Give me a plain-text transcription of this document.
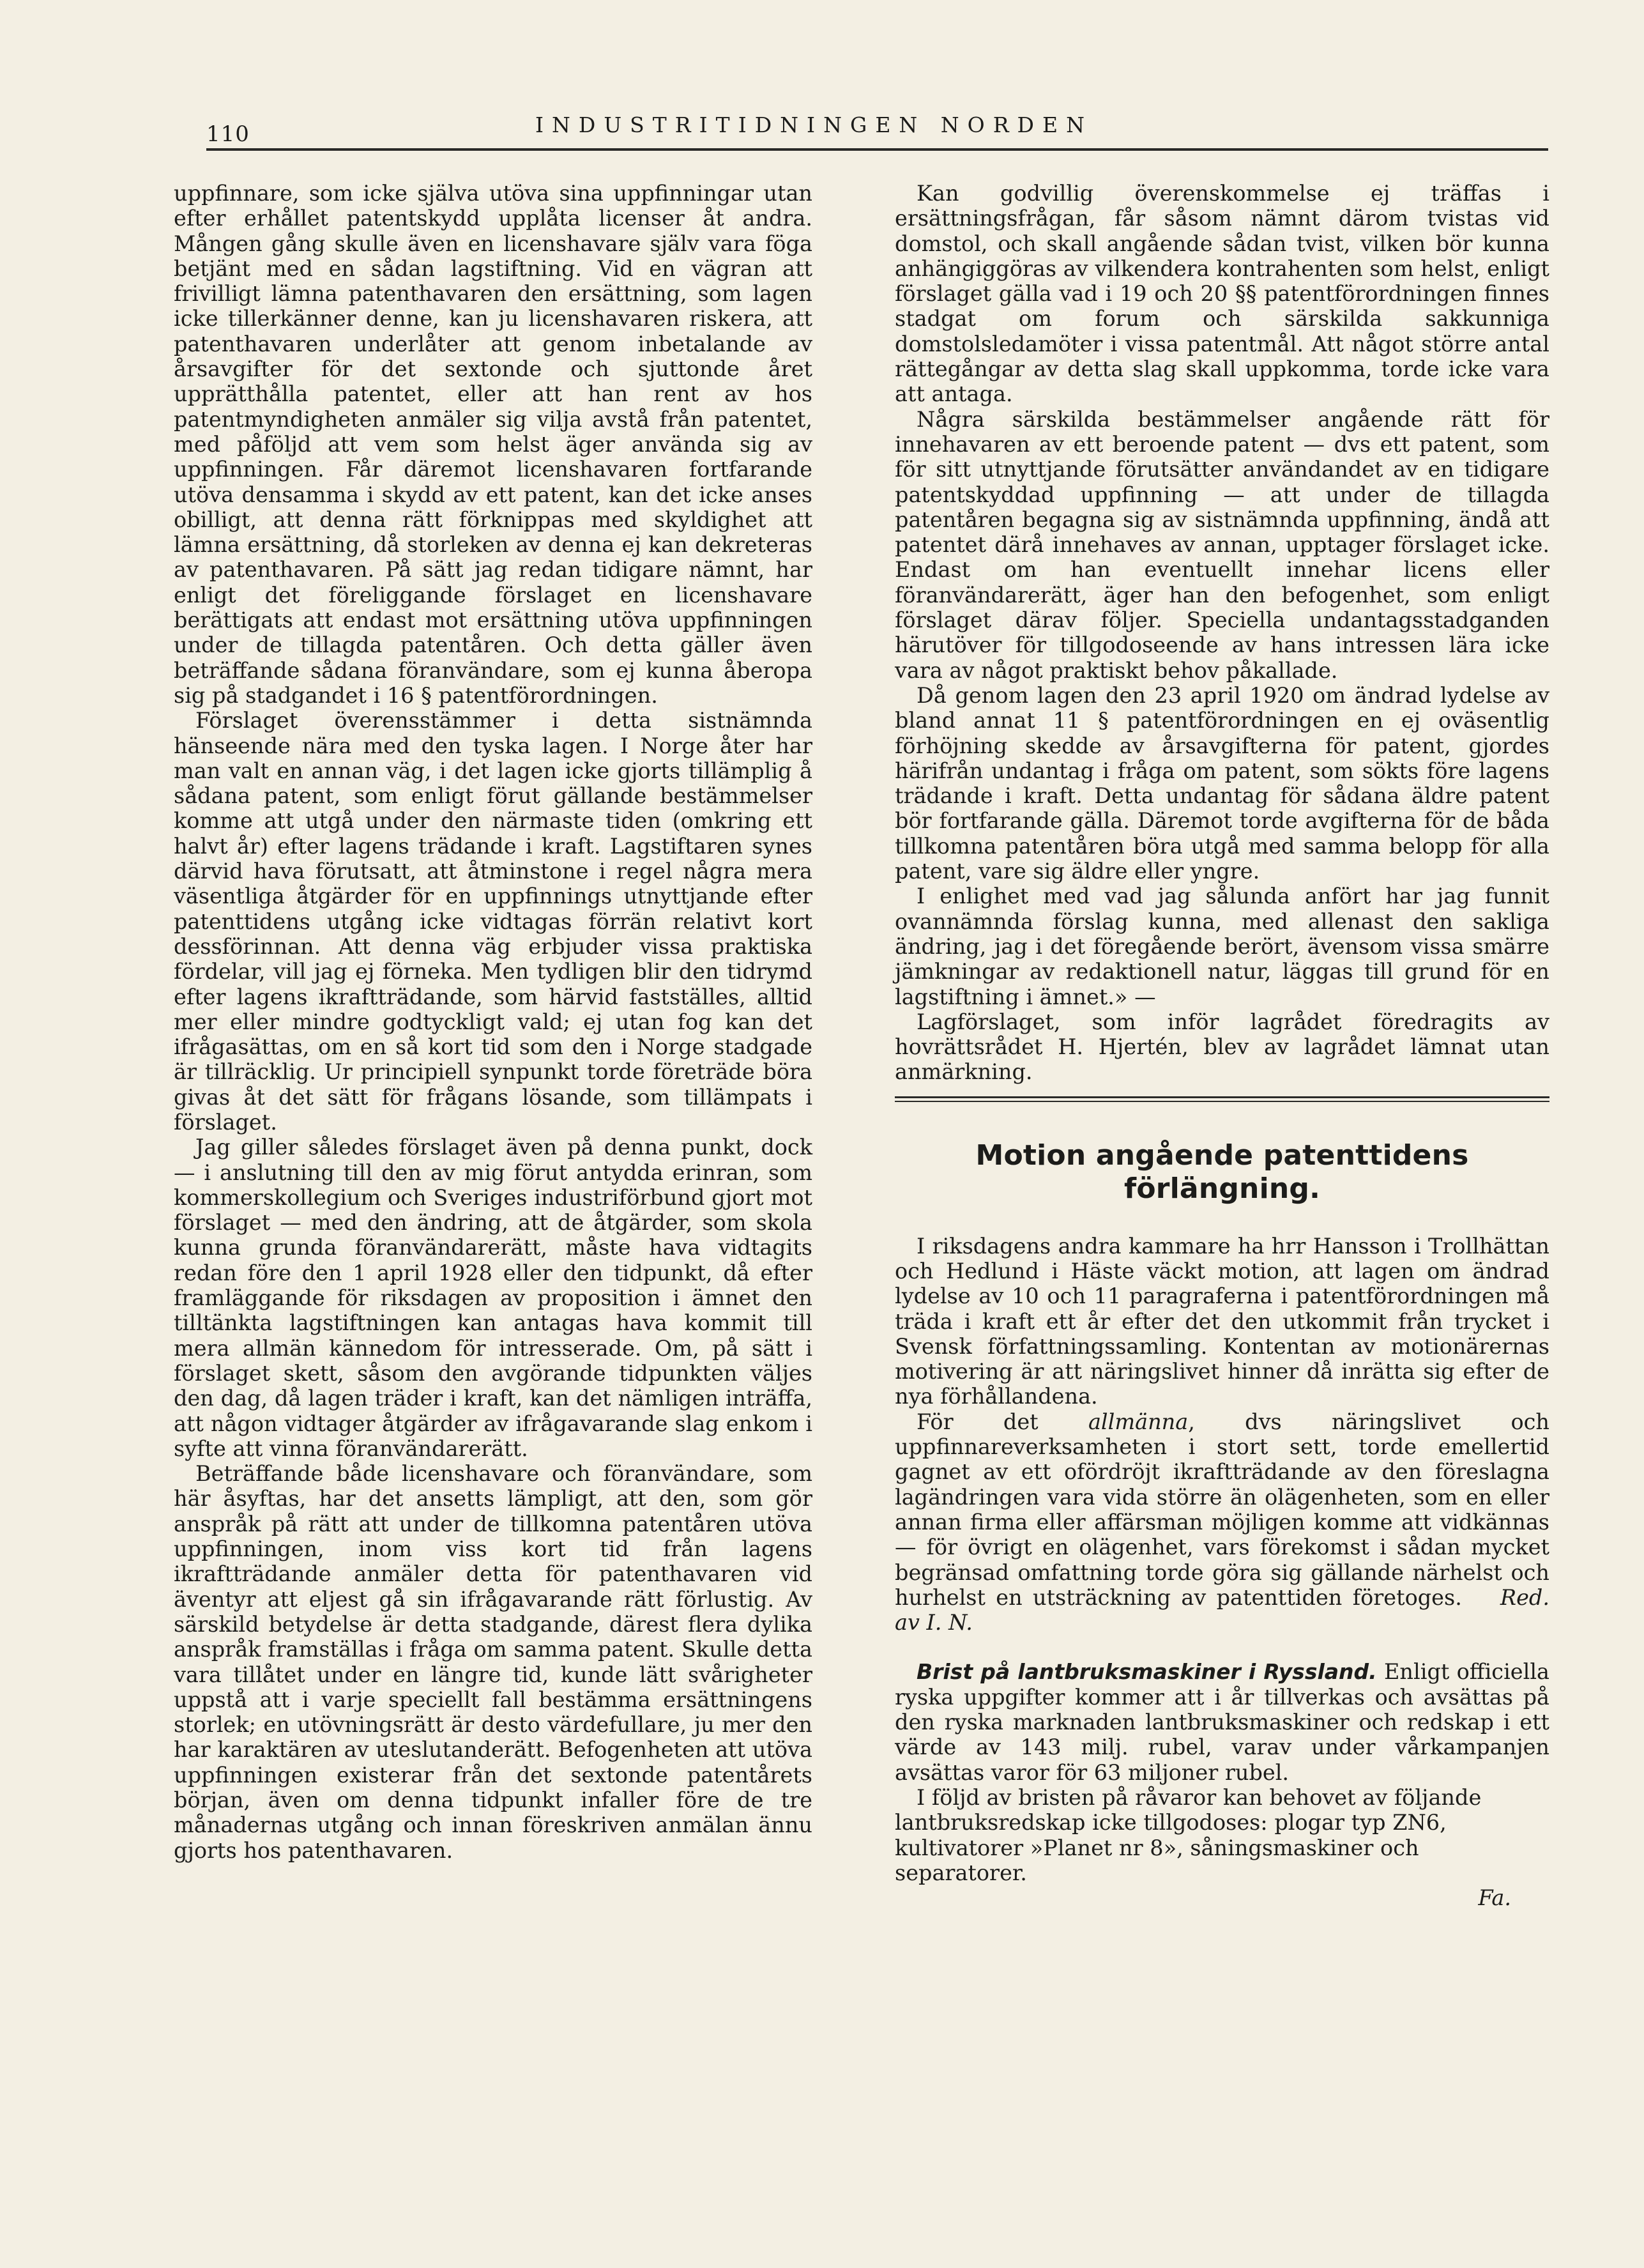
110	INDUSTRITIDNINGEN NORDEN

uppfinnare, som icke själva utöva sina uppfinningar utan efter erhållet patentskydd upplåta licenser åt andra. Mången gång skulle även en licenshavare själv vara föga betjänt med en sådan lagstiftning. Vid en vägran att frivilligt lämna patenthavaren den ersättning, som lagen icke tillerkänner denne, kan ju licenshavaren riskera, att patenthavaren underlåter att genom inbetalande av årsavgifter för det sextonde och sjuttonde året upprätthålla patentet, eller att han rent av hos patentmyndigheten anmäler sig vilja avstå från patentet, med påföljd att vem som helst äger använda sig av uppfinningen. Får däremot licenshavaren fortfarande utöva densamma i skydd av ett patent, kan det icke anses obilligt, att denna rätt förknippas med skyldighet att lämna ersättning, då storleken av denna ej kan dekreteras av patenthavaren. På sätt jag redan tidigare nämnt, har enligt det föreliggande förslaget en licenshavare berättigats att endast mot ersättning utöva uppfinningen under de tillagda patentåren. Och detta gäller även beträffande sådana föranvändare, som ej kunna åberopa sig på stadgandet i 16 § patentförordningen.

Förslaget överensstämmer i detta sistnämnda hänseende nära med den tyska lagen. I Norge åter har man valt en annan väg, i det lagen icke gjorts tillämplig å sådana patent, som enligt förut gällande bestämmelser komme att utgå under den närmaste tiden (omkring ett halvt år) efter lagens trädande i kraft. Lagstiftaren synes därvid hava förutsatt, att åtminstone i regel några mera väsentliga åtgärder för en uppfinnings utnyttjande efter patenttidens utgång icke vidtagas förrän relativt kort dessförinnan. Att denna väg erbjuder vissa praktiska fördelar, vill jag ej förneka. Men tydligen blir den tidrymd efter lagens ikraftträdande, som härvid fastställes, alltid mer eller mindre godtyckligt vald; ej utan fog kan det ifrågasättas, om en så kort tid som den i Norge stadgade är tillräcklig. Ur principiell synpunkt torde företräde böra givas åt det sätt för frågans lösande, som tillämpats i förslaget.

Jag giller således förslaget även på denna punkt, dock — i anslutning till den av mig förut antydda erinran, som kommerskollegium och Sveriges industriförbund gjort mot förslaget — med den ändring, att de åtgärder, som skola kunna grunda föranvändarerätt, måste hava vidtagits redan före den 1 april 1928 eller den tidpunkt, då efter framläggande för riksdagen av proposition i ämnet den tilltänkta lagstiftningen kan antagas hava kommit till mera allmän kännedom för intresserade. Om, på sätt i förslaget skett, såsom den avgörande tidpunkten väljes den dag, då lagen träder i kraft, kan det nämligen inträffa, att någon vidtager åtgärder av ifrågavarande slag enkom i syfte att vinna föranvändarerätt.

Beträffande både licenshavare och föranvändare, som här åsyftas, har det ansetts lämpligt, att den, som gör anspråk på rätt att under de tillkomna patentåren utöva uppfinningen, inom viss kort tid från lagens ikraftträdande anmäler detta för patenthavaren vid äventyr att eljest gå sin ifrågavarande rätt förlustig. Av särskild betydelse är detta stadgande, därest flera dylika anspråk framställas i fråga om samma patent. Skulle detta vara tillåtet under en längre tid, kunde lätt svårigheter uppstå att i varje speciellt fall bestämma ersättningens storlek; en utövningsrätt är desto värdefullare, ju mer den har karaktären av uteslutanderätt. Befogenheten att utöva uppfinningen existerar från det sextonde patentårets början, även om denna tidpunkt infaller före de tre månadernas utgång och innan föreskriven anmälan ännu gjorts hos patenthavaren.

Kan godvillig överenskommelse ej träffas i ersättningsfrågan, får såsom nämnt därom tvistas vid domstol, och skall angående sådan tvist, vilken bör kunna anhängiggöras av vilkendera kontrahenten som helst, enligt förslaget gälla vad i 19 och 20 §§ patentförordningen finnes stadgat om forum och särskilda sakkunniga domstolsledamöter i vissa patentmål. Att något större antal rättegångar av detta slag skall uppkomma, torde icke vara att antaga.

Några särskilda bestämmelser angående rätt för innehavaren av ett beroende patent — dvs ett patent, som för sitt utnyttjande förutsätter användandet av en tidigare patentskyddad uppfinning — att under de tillagda patentåren begagna sig av sistnämnda uppfinning, ändå att patentet därå innehaves av annan, upptager förslaget icke. Endast om han eventuellt innehar licens eller föranvändarerätt, äger han den befogenhet, som enligt förslaget därav följer. Speciella undantagsstadganden härutöver för tillgodoseende av hans intressen lära icke vara av något praktiskt behov påkallade.

Då genom lagen den 23 april 1920 om ändrad lydelse av bland annat 11 § patentförordningen en ej oväsentlig förhöjning skedde av årsavgifterna för patent, gjordes härifrån undantag i fråga om patent, som sökts före lagens trädande i kraft. Detta undantag för sådana äldre patent bör fortfarande gälla. Däremot torde avgifterna för de båda tillkomna patentåren böra utgå med samma belopp för alla patent, vare sig äldre eller yngre.

I enlighet med vad jag sålunda anfört har jag funnit ovannämnda förslag kunna, med allenast den sakliga ändring, jag i det föregående berört, ävensom vissa smärre jämkningar av redaktionell natur, läggas till grund för en lagstiftning i ämnet.» —

Lagförslaget, som inför lagrådet föredragits av hovrättsrådet H. Hjertén, blev av lagrådet lämnat utan anmärkning.

Motion angående patenttidens förlängning.

I riksdagens andra kammare ha hrr Hansson i Trollhättan och Hedlund i Häste väckt motion, att lagen om ändrad lydelse av 10 och 11 paragraferna i patentförordningen må träda i kraft ett år efter det den utkommit från trycket i Svensk författningssamling. Kontentan av motionärernas motivering är att näringslivet hinner då inrätta sig efter de nya förhållandena.

För det allmänna, dvs näringslivet och uppfinnareverksamheten i stort sett, torde emellertid gagnet av ett ofördröjt ikraftträdande av den föreslagna lagändringen vara vida större än olägenheten, som en eller annan firma eller affärsman möjligen komme att vidkännas — för övrigt en olägenhet, vars förekomst i sådan mycket begränsad omfattning torde göra sig gällande närhelst och hurhelst en utsträckning av patenttiden företoges. Red. av I. N.

Brist på lantbruksmaskiner i Ryssland. Enligt officiella ryska uppgifter kommer att i år tillverkas och avsättas på den ryska marknaden lantbruksmaskiner och redskap i ett värde av 143 milj. rubel, varav under vårkampanjen avsättas varor för 63 miljoner rubel.

I följd av bristen på råvaror kan behovet av följande lantbruksredskap icke tillgodoses: plogar typ ZN6, kultivatorer »Planet nr 8», såningsmaskiner och separatorer.

Fa.
